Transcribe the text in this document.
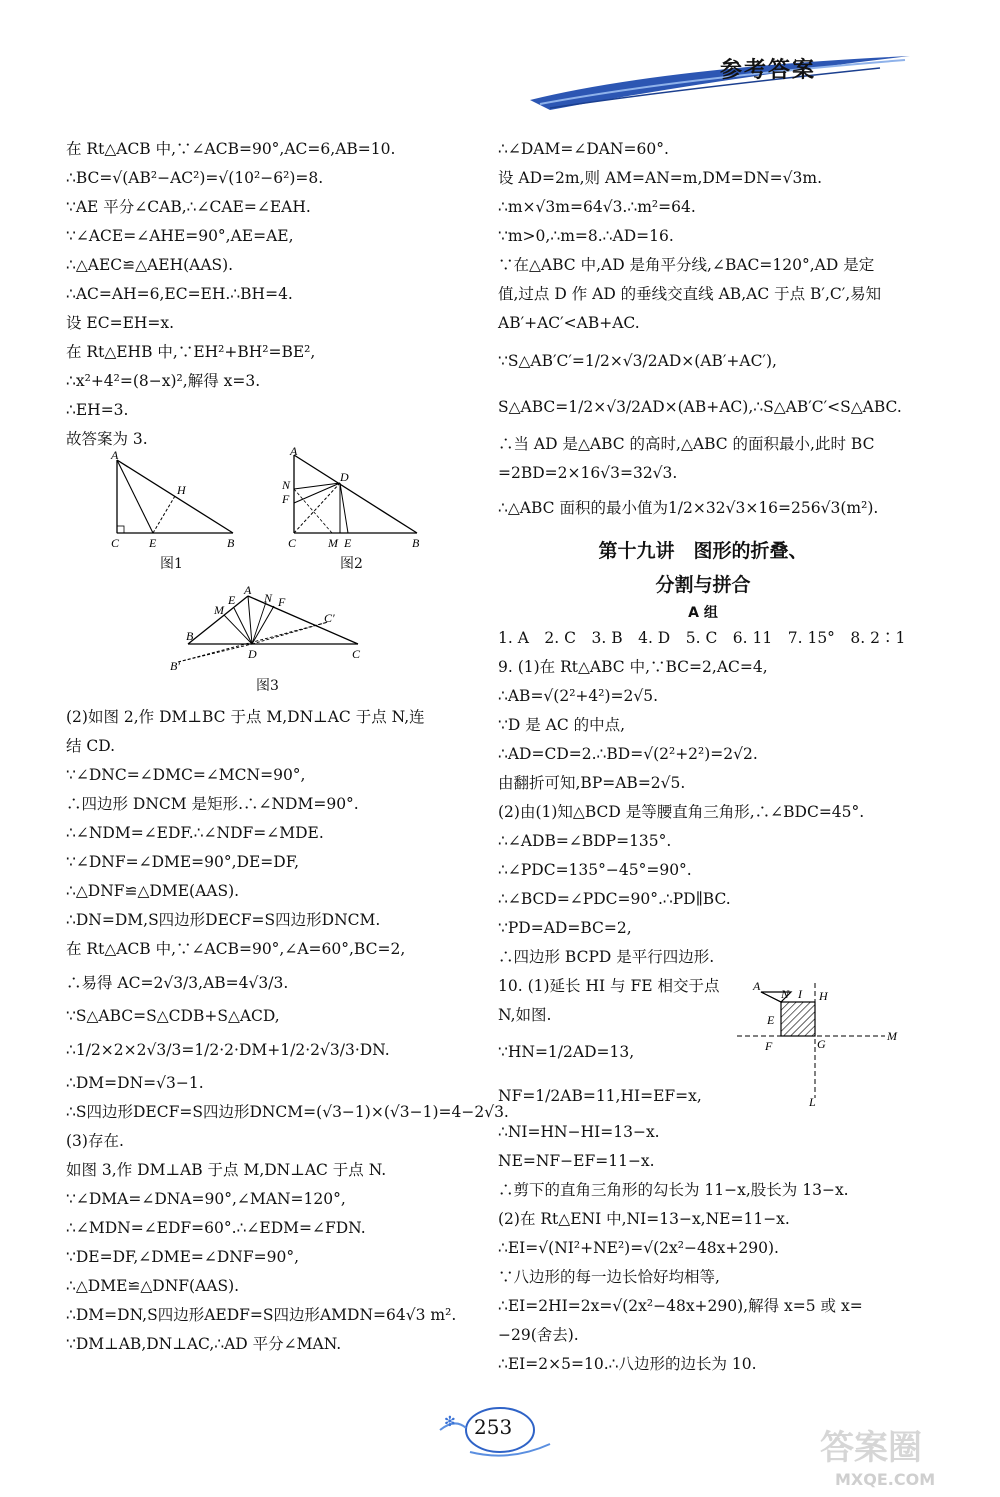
参考答案
在 Rt△ACB 中,∵∠ACB=90°,AC=6,AB=10.
∴BC=√(AB²−AC²)=√(10²−6²)=8.
∵AE 平分∠CAB,∴∠CAE=∠EAH.
∵∠ACE=∠AHE=90°,AE=AE,
∴△AEC≌△AEH(AAS).
∴AC=AH=6,EC=EH.∴BH=4.
设 EC=EH=x.
在 Rt△EHB 中,∵EH²+BH²=BE²,
∴x²+4²=(8−x)²,解得 x=3.
∴EH=3.
故答案为 3.
A
H
C E	B
图1
A
D
N
F
C	M E	B
图2
A
E N F
M
C′
B
D	C
B′
图3
(2)如图 2,作 DM⊥BC 于点 M,DN⊥AC 于点 N,连
结 CD.
∵∠DNC=∠DMC=∠MCN=90°,
∴四边形 DNCM 是矩形.∴∠NDM=90°.
∴∠NDM=∠EDF.∴∠NDF=∠MDE.
∵∠DNF=∠DME=90°,DE=DF,
∴△DNF≌△DME(AAS).
∴DN=DM,S四边形DECF=S四边形DNCM.
在 Rt△ACB 中,∵∠ACB=90°,∠A=60°,BC=2,
∴易得 AC=2√3/3,AB=4√3/3.
∵S△ABC=S△CDB+S△ACD,
∴1/2×2×2√3/3=1/2·2·DM+1/2·2√3/3·DN.
∴DM=DN=√3−1.
∴S四边形DECF=S四边形DNCM=(√3−1)×(√3−1)=4−2√3.
(3)存在.
如图 3,作 DM⊥AB 于点 M,DN⊥AC 于点 N.
∵∠DMA=∠DNA=90°,∠MAN=120°,
∴∠MDN=∠EDF=60°.∴∠EDM=∠FDN.
∵DE=DF,∠DME=∠DNF=90°,
∴△DME≌△DNF(AAS).
∴DM=DN,S四边形AEDF=S四边形AMDN=64√3 m².
∵DM⊥AB,DN⊥AC,∴AD 平分∠MAN.
∴∠DAM=∠DAN=60°.
设 AD=2m,则 AM=AN=m,DM=DN=√3m.
∴m×√3m=64√3.∴m²=64.
∵m>0,∴m=8.∴AD=16.
∵在△ABC 中,AD 是角平分线,∠BAC=120°,AD 是定
值,过点 D 作 AD 的垂线交直线 AB,AC 于点 B′,C′,易知
AB′+AC′<AB+AC.
∵S△AB′C′=1/2×√3/2AD×(AB′+AC′),
S△ABC=1/2×√3/2AD×(AB+AC),∴S△AB′C′<S△ABC.
∴当 AD 是△ABC 的高时,△ABC 的面积最小,此时 BC
=2BD=2×16√3=32√3.
∴△ABC 面积的最小值为1/2×32√3×16=256√3(m²).
第十九讲　图形的折叠、
分割与拼合
A 组
1. A　2. C　3. B　4. D　5. C　6. 11　7. 15°　8. 2∶1
9. (1)在 Rt△ABC 中,∵BC=2,AC=4,
∴AB=√(2²+4²)=2√5.
∵D 是 AC 的中点,
∴AD=CD=2.∴BD=√(2²+2²)=2√2.
由翻折可知,BP=AB=2√5.
(2)由(1)知△BCD 是等腰直角三角形,∴∠BDC=45°.
∴∠ADB=∠BDP=135°.
∴∠PDC=135°−45°=90°.
∴∠BCD=∠PDC=90°.∴PD∥BC.
∵PD=AD=BC=2,
∴四边形 BCPD 是平行四边形.
10. (1)延长 HI 与 FE 相交于点
N,如图.
∵HN=1/2AD=13,
NF=1/2AB=11,HI=EF=x,
∴NI=HN−HI=13−x.
NE=NF−EF=11−x.
∴剪下的直角三角形的勾长为 11−x,股长为 13−x.
(2)在 Rt△ENI 中,NI=13−x,NE=11−x.
∴EI=√(NI²+NE²)=√(2x²−48x+290).
∵八边形的每一边长恰好均相等,
∴EI=2HI=2x=√(2x²−48x+290),解得 x=5 或 x=
−29(舍去).
∴EI=2×5=10.∴八边形的边长为 10.
A
N I H
E
F	G
M
L
✻ 253
答案圈
MXQE.COM
